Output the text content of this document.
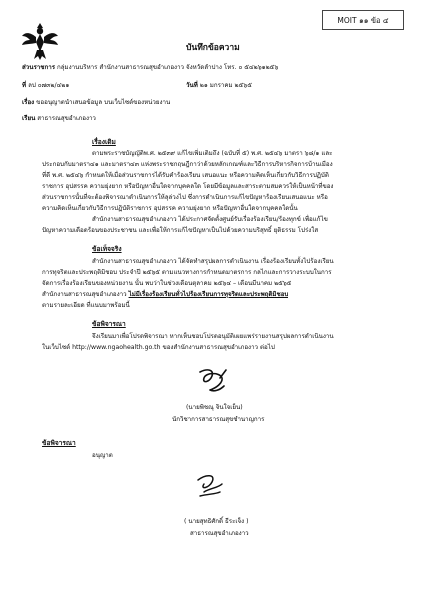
MOIT ๑๑ ข้อ ๔
บันทึกข้อความ
ส่วนราชการ กลุ่มงานบริหาร สำนักงานสาธารณสุขอำเภองาว จังหวัดลำปาง โทร. ๐ ๕๔๒๖๑๒๕๖
ที่ ลป ๐๗๓๒/๔๒๑	วันที่ ๒๑ มกราคม ๒๕๖๕
เรื่อง ขออนุญาตนำเสนอข้อมูล บนเว็บไซต์ของหน่วยงาน
เรียน สาธารณสุขอำเภองาว
เรื่องเดิม
ตามพระราชบัญญัติพ.ศ. ๒๕๓๙ แก้ไขเพิ่มเติมถึง (ฉบับที่ ๕) พ.ศ. ๒๕๔๖ มาตรา ๖๘/๑ และ
ประกอบกับมาตรา๔๑ และมาตรา๔๓ แห่งพระราชกฤษฎีกาว่าด้วยหลักเกณฑ์และวิธีการบริหารกิจการบ้านเมือง
ที่ดี พ.ศ. ๒๕๔๖ กำหนดให้เมื่อส่วนราชการได้รับคำร้องเรียน เสนอแนะ หรือความคิดเห็นเกี่ยวกับวิธีการปฏิบัติ
ราชการ อุปสรรค ความยุ่งยาก หรือปัญหาอื่นใดจากบุคคลใด โดยมีข้อมูลและสาระตามสมควรให้เป็นหน้าที่ของ
ส่วนราชการนั้นที่จะต้องพิจารณาดำเนินการให้ลุล่วงไป ซึ่งการดำเนินการแก้ไขปัญหาร้องเรียนเสนอแนะ หรือ
ความคิดเห็นเกี่ยวกับวิธีการปฏิบัติราชการ อุปสรรค ความยุ่งยาก หรือปัญหาอื่นใดจากบุคคลใดนั้น
สำนักงานสาธารณสุขอำเภองาว ได้ประกาศจัดตั้งศูนย์รับเรื่องร้องเรียน/ร้องทุกข์ เพื่อแก้ไข
ปัญหาความเดือดร้อนของประชาชน และเพื่อให้การแก้ไขปัญหาเป็นไปด้วยความบริสุทธิ์ ยุติธรรม โปร่งใส
ข้อเท็จจริง
สำนักงานสาธารณสุขอำเภองาว ได้จัดทำสรุปผลการดำเนินงาน เรื่องร้องเรียนทั้งไปร้องเรียน
การทุจริตและประพฤติมิชอบ ประจำปี ๒๕๖๕ ตามแนวทางการกำหนดมาตรการ กลไกและการวางระบบในการ
จัดการเรื่องร้องเรียนของหน่วยงาน นั้น พบว่าในช่วงเดือนตุลาคม ๒๕๖๔ – เดือนมีนาคม ๒๕๖๕
สำนักงานสาธารณสุขอำเภองาว ไม่มีเรื่องร้องเรียนทั่วไปร้องเรียนการทุจริตและประพฤติมิชอบ
ตามรายละเอียด ที่แนบมาพร้อมนี้
ข้อพิจารณา
จึงเรียนมาเพื่อโปรดพิจารณา หากเห็นชอบโปรดอนุมัติเผยแพร่รายงานสรุปผลการดำเนินงาน
ในเว็บไซต์ http://www.ngaohealth.go.th ของสำนักงานสาธารณสุขอำเภองาว ต่อไป
(นายพิชณุ จินใจเย็น)
นักวิชาการสาธารณสุขชำนาญการ
ข้อพิจารณา
อนุญาต
( นายสุทธิศักดิ์ ธีระเจ็ง )
สาธารณสุขอำเภองาว
